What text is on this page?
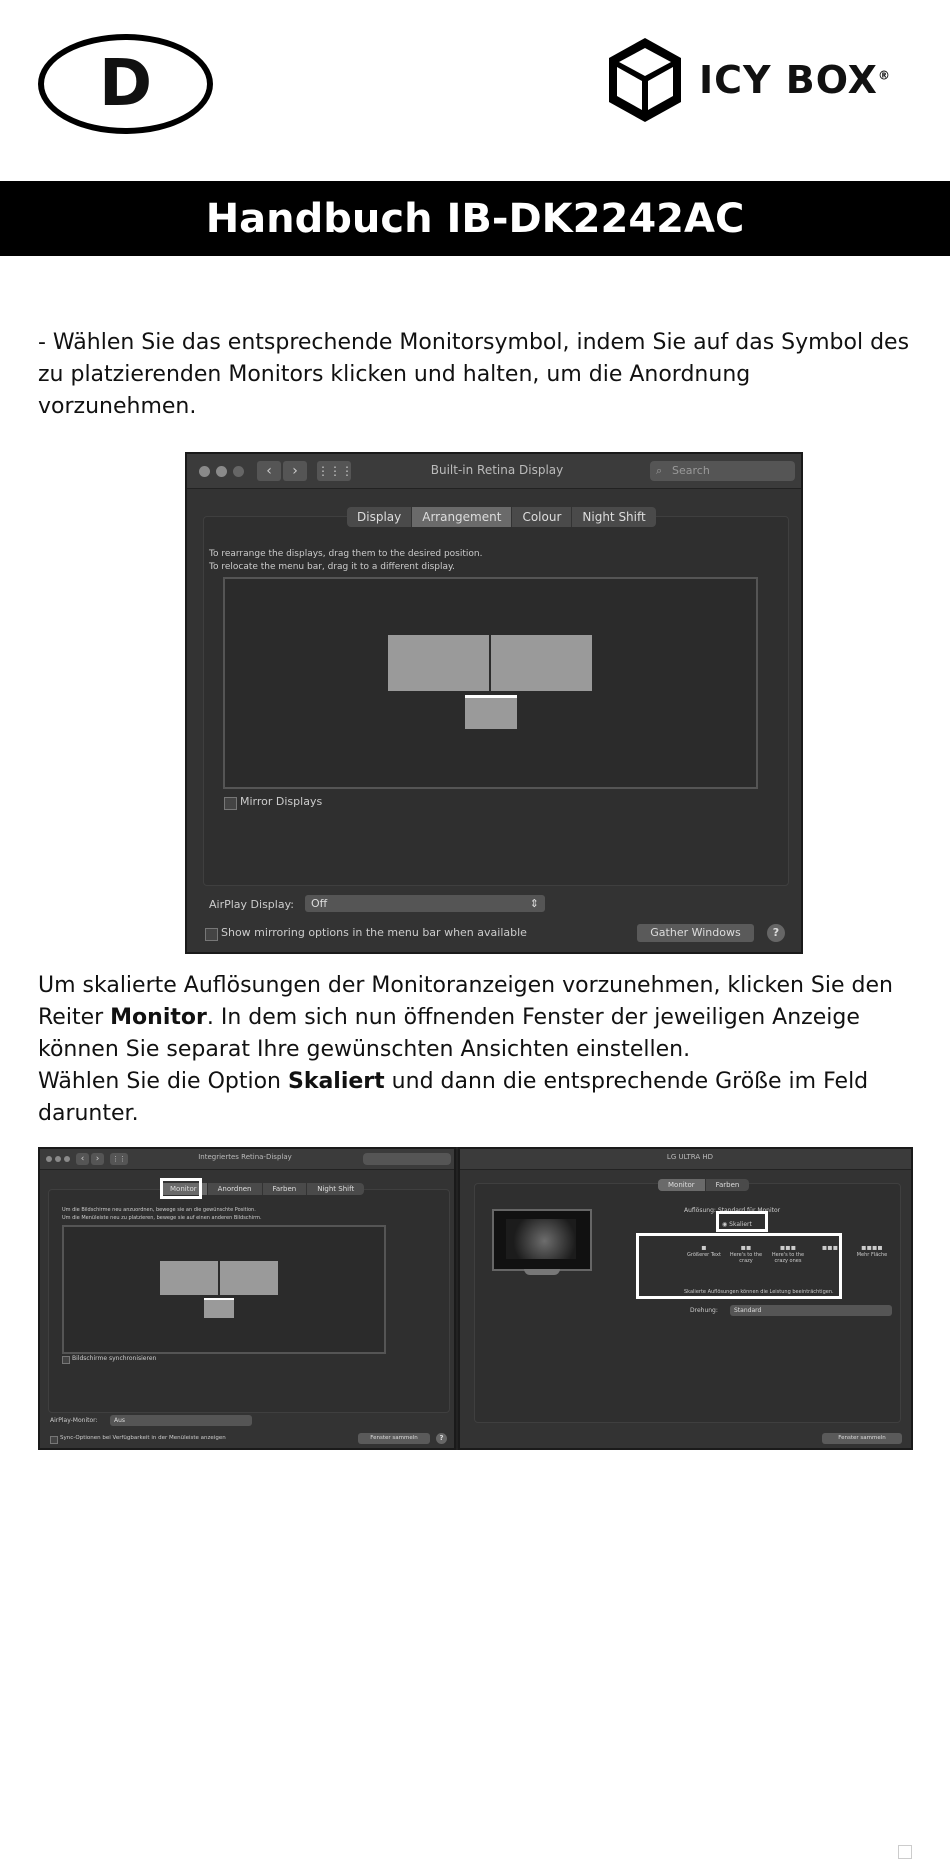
D	ICY BOX®
Handbuch IB-DK2242AC
- Wählen Sie das entsprechende Monitorsymbol, indem Sie auf das Symbol des zu platzierenden Monitors klicken und halten, um die Anordnung vorzunehmen.
‹	›	⋮⋮⋮	Built-in Retina Display	⌕ Search
Display	Arrangement	Colour	Night Shift
To rearrange the displays, drag them to the desired position.
To relocate the menu bar, drag it to a different display.
Mirror Displays
AirPlay Display:	Off	⇕
Show mirroring options in the menu bar when available	Gather Windows	?
Um skalierte Auflösungen der Monitoranzeigen vorzunehmen, klicken Sie den Reiter Monitor. In dem sich nun öffnenden Fenster der jeweiligen Anzeige können Sie separat Ihre gewünschten Ansichten einstellen.
Wählen Sie die Option Skaliert und dann die entsprechende Größe im Feld darunter.
‹	›	⋮⋮	Integriertes Retina-Display
Monitor	Anordnen	Farben	Night Shift
Um die Bildschirme neu anzuordnen, bewege sie an die gewünschte Position.
Um die Menüleiste neu zu platzieren, bewege sie auf einen anderen Bildschirm.
Bildschirme synchronisieren
AirPlay-Monitor:	Aus
Sync-Optionen bei Verfügbarkeit in der Menüleiste anzeigen	Fenster sammeln	?
LG ULTRA HD
Monitor	Farben
Auflösung: Standard für Monitor
◉ Skaliert
▪
Größerer Text
▪▪
Here's to the crazy
▪▪▪
Here's to the crazy ones
▪▪▪	▪▪▪▪
Mehr Fläche
Skalierte Auflösungen können die Leistung beeinträchtigen.
Drehung:	Standard
Fenster sammeln
